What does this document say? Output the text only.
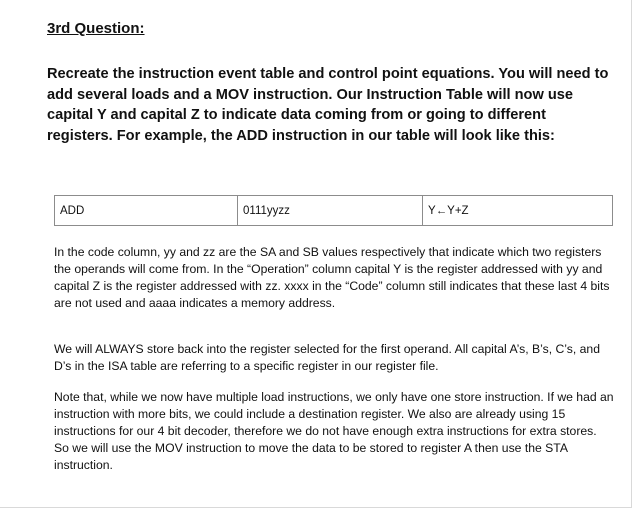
3rd Question:

Recreate the instruction event table and control point equations. You will need to add several loads and a MOV instruction. Our Instruction Table will now use capital Y and capital Z to indicate data coming from or going to different registers. For example, the ADD instruction in our table will look like this:

ADD	0111yyzz	Y←Y+Z

In the code column, yy and zz are the SA and SB values respectively that indicate which two registers the operands will come from. In the “Operation” column capital Y is the register addressed with yy and capital Z is the register addressed with zz. xxxx in the “Code” column still indicates that these last 4 bits are not used and aaaa indicates a memory address.

We will ALWAYS store back into the register selected for the first operand. All capital A’s, B’s, C’s, and D’s in the ISA table are referring to a specific register in our register file.

Note that, while we now have multiple load instructions, we only have one store instruction. If we had an instruction with more bits, we could include a destination register. We also are already using 15 instructions for our 4 bit decoder, therefore we do not have enough extra instructions for extra stores. So we will use the MOV instruction to move the data to be stored to register A then use the STA instruction.
